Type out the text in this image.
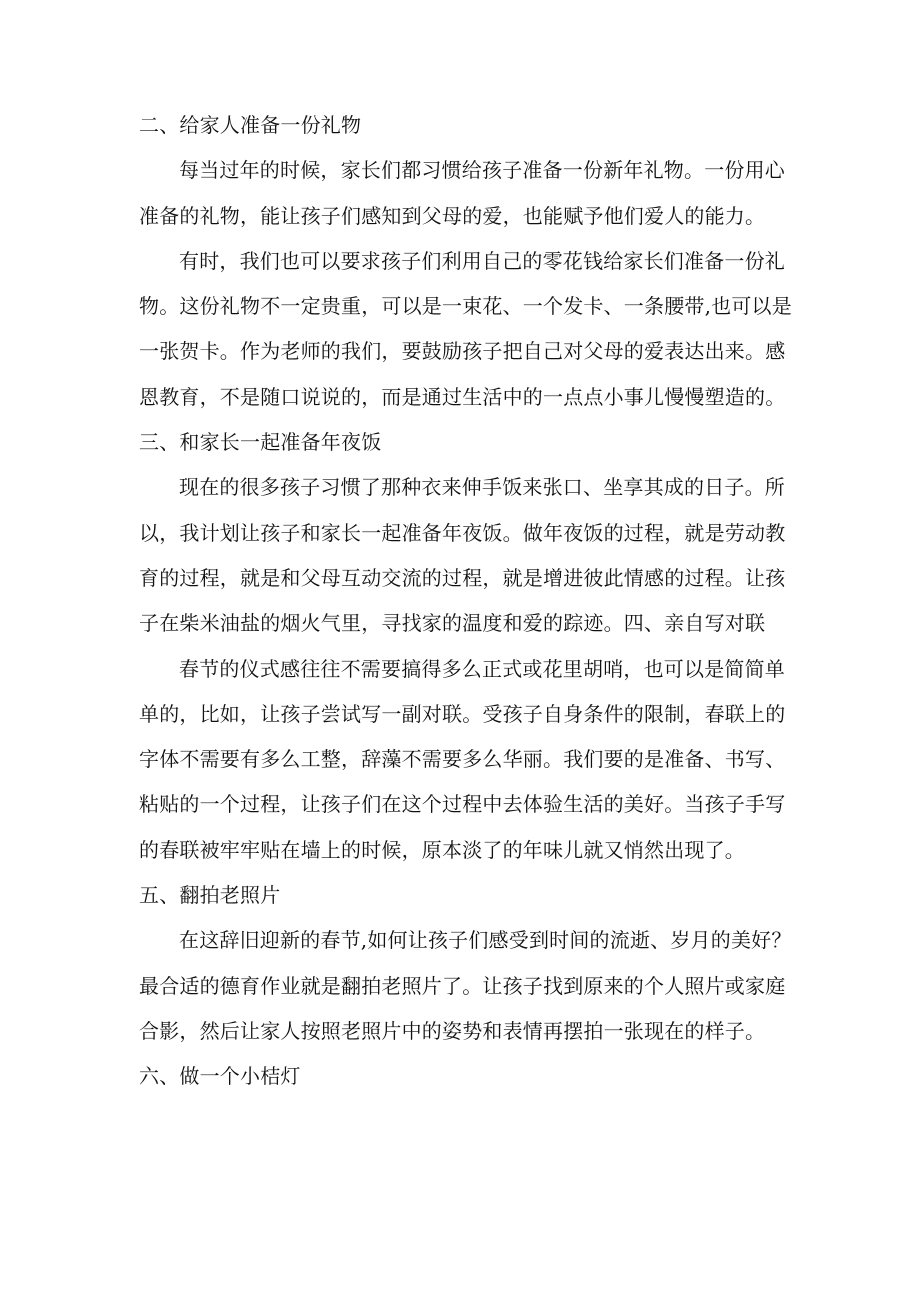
二、给家人准备一份礼物
每当过年的时候，家长们都习惯给孩子准备一份新年礼物。一份用心
准备的礼物，能让孩子们感知到父母的爱，也能赋予他们爱人的能力。
有时，我们也可以要求孩子们利用自己的零花钱给家长们准备一份礼
物。这份礼物不一定贵重，可以是一束花、一个发卡、一条腰带,也可以是
一张贺卡。作为老师的我们，要鼓励孩子把自己对父母的爱表达出来。感
恩教育，不是随口说说的，而是通过生活中的一点点小事儿慢慢塑造的。
三、和家长一起准备年夜饭
现在的很多孩子习惯了那种衣来伸手饭来张口、坐享其成的日子。所
以，我计划让孩子和家长一起准备年夜饭。做年夜饭的过程，就是劳动教
育的过程，就是和父母互动交流的过程，就是增进彼此情感的过程。让孩
子在柴米油盐的烟火气里，寻找家的温度和爱的踪迹。四、亲自写对联
春节的仪式感往往不需要搞得多么正式或花里胡哨，也可以是简简单
单的，比如，让孩子尝试写一副对联。受孩子自身条件的限制，春联上的
字体不需要有多么工整，辞藻不需要多么华丽。我们要的是准备、书写、
粘贴的一个过程，让孩子们在这个过程中去体验生活的美好。当孩子手写
的春联被牢牢贴在墙上的时候，原本淡了的年味儿就又悄然出现了。
五、翻拍老照片
在这辞旧迎新的春节,如何让孩子们感受到时间的流逝、岁月的美好？
最合适的德育作业就是翻拍老照片了。让孩子找到原来的个人照片或家庭
合影，然后让家人按照老照片中的姿势和表情再摆拍一张现在的样子。
六、做一个小桔灯
